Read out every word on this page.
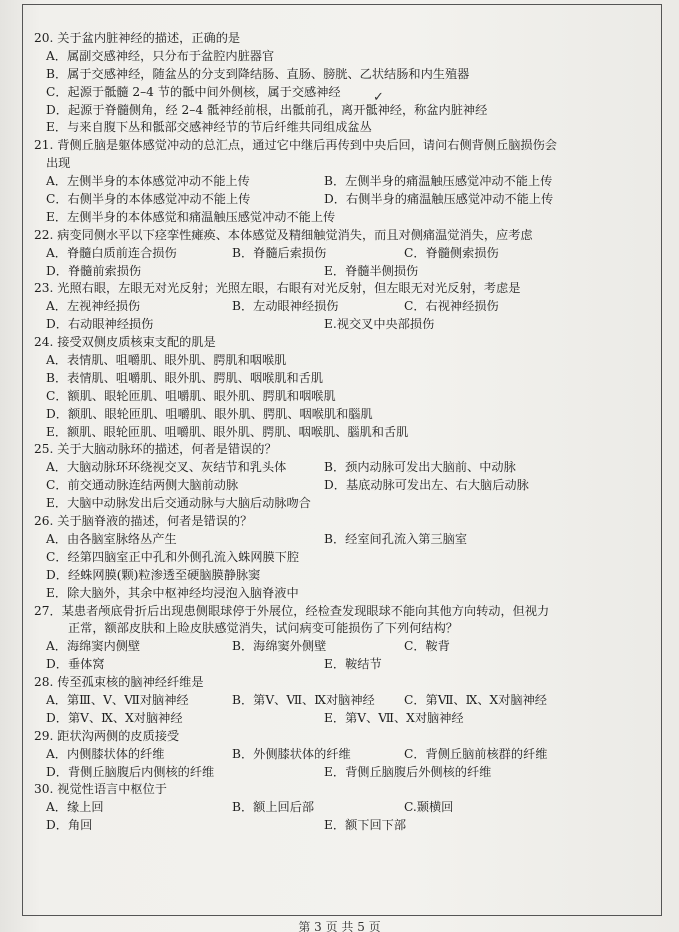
20. 关于盆内脏神经的描述，正确的是
A．属副交感神经，只分布于盆腔内脏器官
B．属于交感神经，随盆丛的分支到降结肠、直肠、膀胱、乙状结肠和内生殖器
C．起源于骶髓 2–4 节的骶中间外侧核，属于交感神经
D．起源于脊髓侧角，经 2–4 骶神经前根，出骶前孔，离开骶神经，称盆内脏神经
E．与来自腹下丛和骶部交感神经节的节后纤维共同组成盆丛
21. 背侧丘脑是躯体感觉冲动的总汇点，通过它中继后再传到中央后回，请问右侧背侧丘脑损伤会
出现
A．左侧半身的本体感觉冲动不能上传	B．左侧半身的痛温触压感觉冲动不能上传
C．右侧半身的本体感觉冲动不能上传	D．右侧半身的痛温触压感觉冲动不能上传
E．左侧半身的本体感觉和痛温触压感觉冲动不能上传
22. 病变同侧水平以下痉挛性瘫痪、本体感觉及精细触觉消失，而且对侧痛温觉消失，应考虑
A．脊髓白质前连合损伤	B．脊髓后索损伤	C．脊髓侧索损伤
D．脊髓前索损伤	E．脊髓半侧损伤
23. 光照右眼，左眼无对光反射；光照左眼，右眼有对光反射，但左眼无对光反射，考虑是
A．左视神经损伤	B．左动眼神经损伤	C．右视神经损伤
D．右动眼神经损伤	E.视交叉中央部损伤
24. 接受双侧皮质核束支配的肌是
A．表情肌、咀嚼肌、眼外肌、腭肌和咽喉肌
B．表情肌、咀嚼肌、眼外肌、腭肌、咽喉肌和舌肌
C．额肌、眼轮匝肌、咀嚼肌、眼外肌、腭肌和咽喉肌
D．额肌、眼轮匝肌、咀嚼肌、眼外肌、腭肌、咽喉肌和腦肌
E．额肌、眼轮匝肌、咀嚼肌、眼外肌、腭肌、咽喉肌、腦肌和舌肌
25. 关于大脑动脉环的描述，何者是错误的？
A．大脑动脉环环绕视交叉、灰结节和乳头体	B．颈内动脉可发出大脑前、中动脉
C．前交通动脉连结两侧大脑前动脉	D．基底动脉可发出左、右大脑后动脉
E．大脑中动脉发出后交通动脉与大脑后动脉吻合
26. 关于脑脊液的描述，何者是错误的？
A．由各脑室脉络丛产生	B．经室间孔流入第三脑室
C．经第四脑室正中孔和外侧孔流入蛛网膜下腔
D．经蛛网膜(颗)粒渗透至硬脑膜静脉窦
E．除大脑外，其余中枢神经均浸泡入脑脊液中
27．某患者颅底骨折后出现患侧眼球停于外展位，经检查发现眼球不能向其他方向转动，但视力
正常，额部皮肤和上睑皮肤感觉消失，试问病变可能损伤了下列何结构？
A．海绵窦内侧壁	B．海绵窦外侧壁	C．鞍背
D．垂体窝	E．鞍结节
28. 传至孤束核的脑神经纤维是
A．第Ⅲ、Ⅴ、Ⅶ对脑神经	B．第Ⅴ、Ⅶ、Ⅸ对脑神经 C．第Ⅶ、Ⅸ、Ⅹ对脑神经
D．第Ⅴ、Ⅸ、Ⅹ对脑神经	E．第Ⅴ、Ⅶ、Ⅹ对脑神经
29. 距状沟两侧的皮质接受
A．内侧膝状体的纤维	B．外侧膝状体的纤维	C．背侧丘脑前核群的纤维
D．背侧丘脑腹后内侧核的纤维	E．背侧丘脑腹后外侧核的纤维
30. 视觉性语言中枢位于
A．缘上回	B．额上回后部	C.颞横回
D．角回	E．额下回下部
✓
第 3 页 共 5 页
